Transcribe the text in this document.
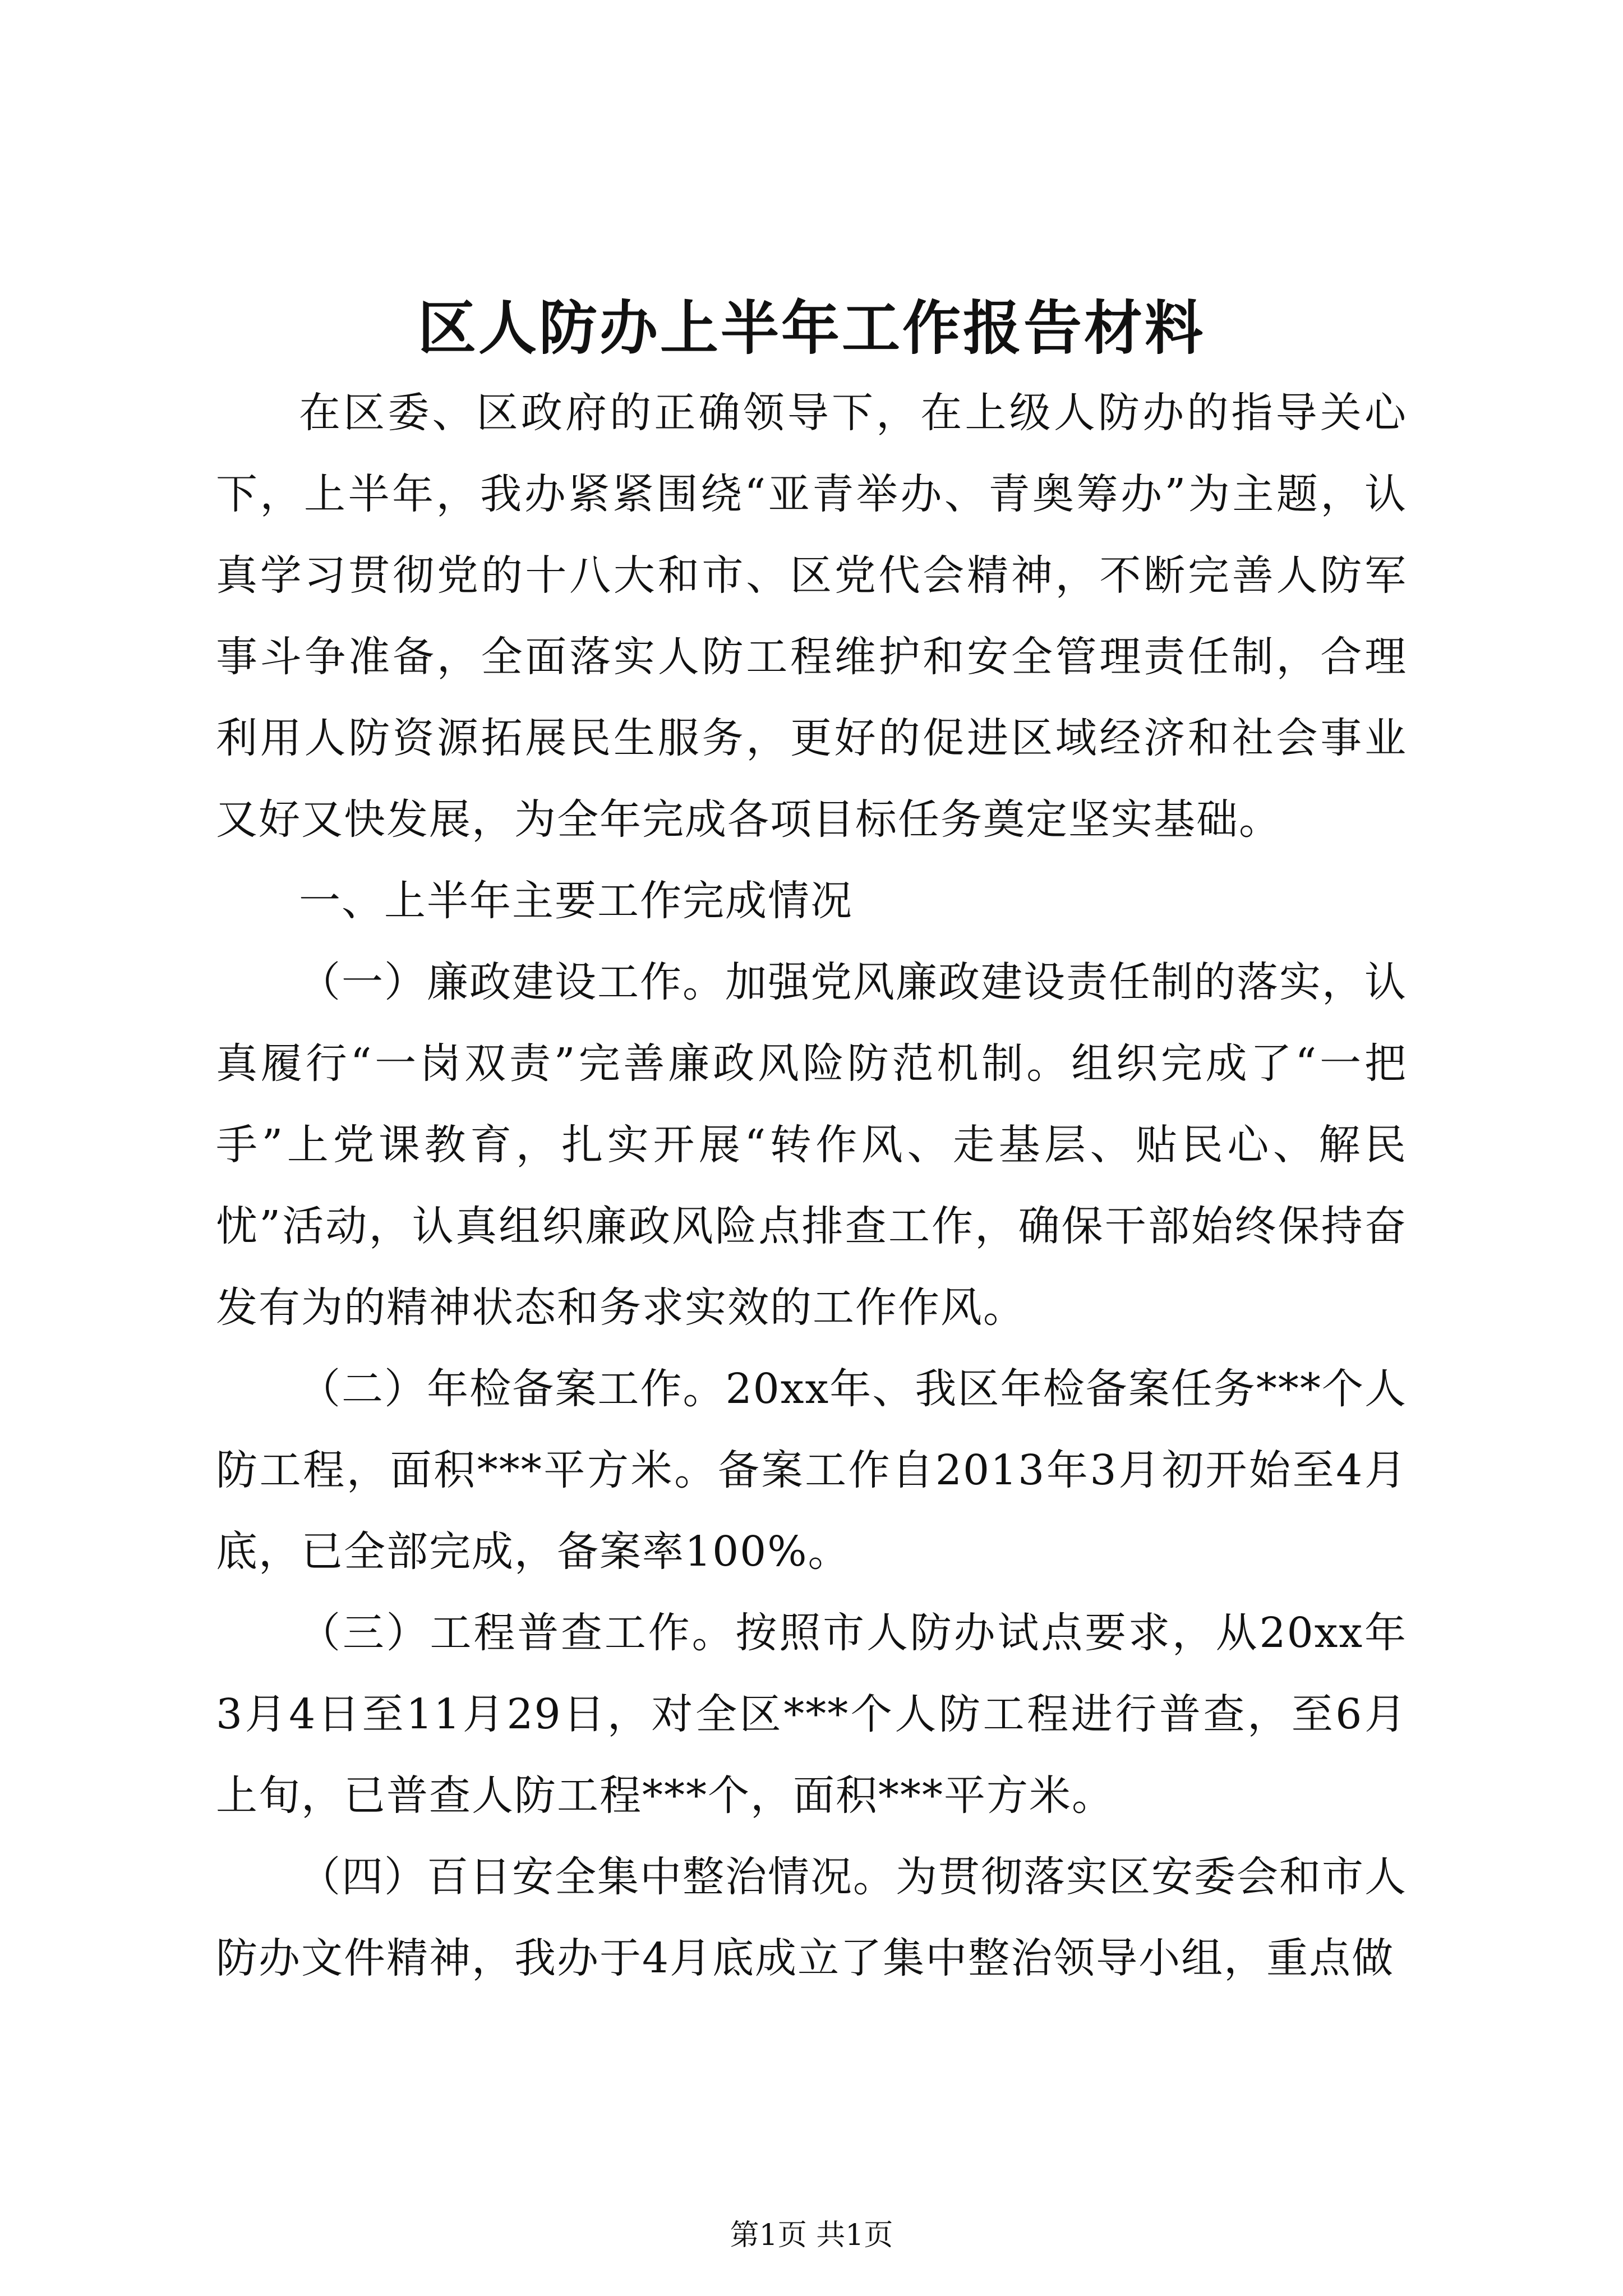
区人防办上半年工作报告材料

在区委、区政府的正确领导下，在上级人防办的指导关心下，上半年，我办紧紧围绕“亚青举办、青奥筹办”为主题，认真学习贯彻党的十八大和市、区党代会精神，不断完善人防军事斗争准备，全面落实人防工程维护和安全管理责任制，合理利用人防资源拓展民生服务，更好的促进区域经济和社会事业又好又快发展，为全年完成各项目标任务奠定坚实基础。

一、上半年主要工作完成情况

（一）廉政建设工作。加强党风廉政建设责任制的落实，认真履行“一岗双责”完善廉政风险防范机制。组织完成了“一把手”上党课教育，扎实开展“转作风、走基层、贴民心、解民忧”活动，认真组织廉政风险点排查工作，确保干部始终保持奋发有为的精神状态和务求实效的工作作风。

（二）年检备案工作。20xx年、我区年检备案任务***个人防工程，面积***平方米。备案工作自2013年3月初开始至4月底，已全部完成，备案率100%。

（三）工程普查工作。按照市人防办试点要求，从20xx年3月4日至11月29日，对全区***个人防工程进行普查，至6月上旬，已普查人防工程***个，面积***平方米。

（四）百日安全集中整治情况。为贯彻落实区安委会和市人防办文件精神，我办于4月底成立了集中整治领导小组，重点做

第1页 共1页
